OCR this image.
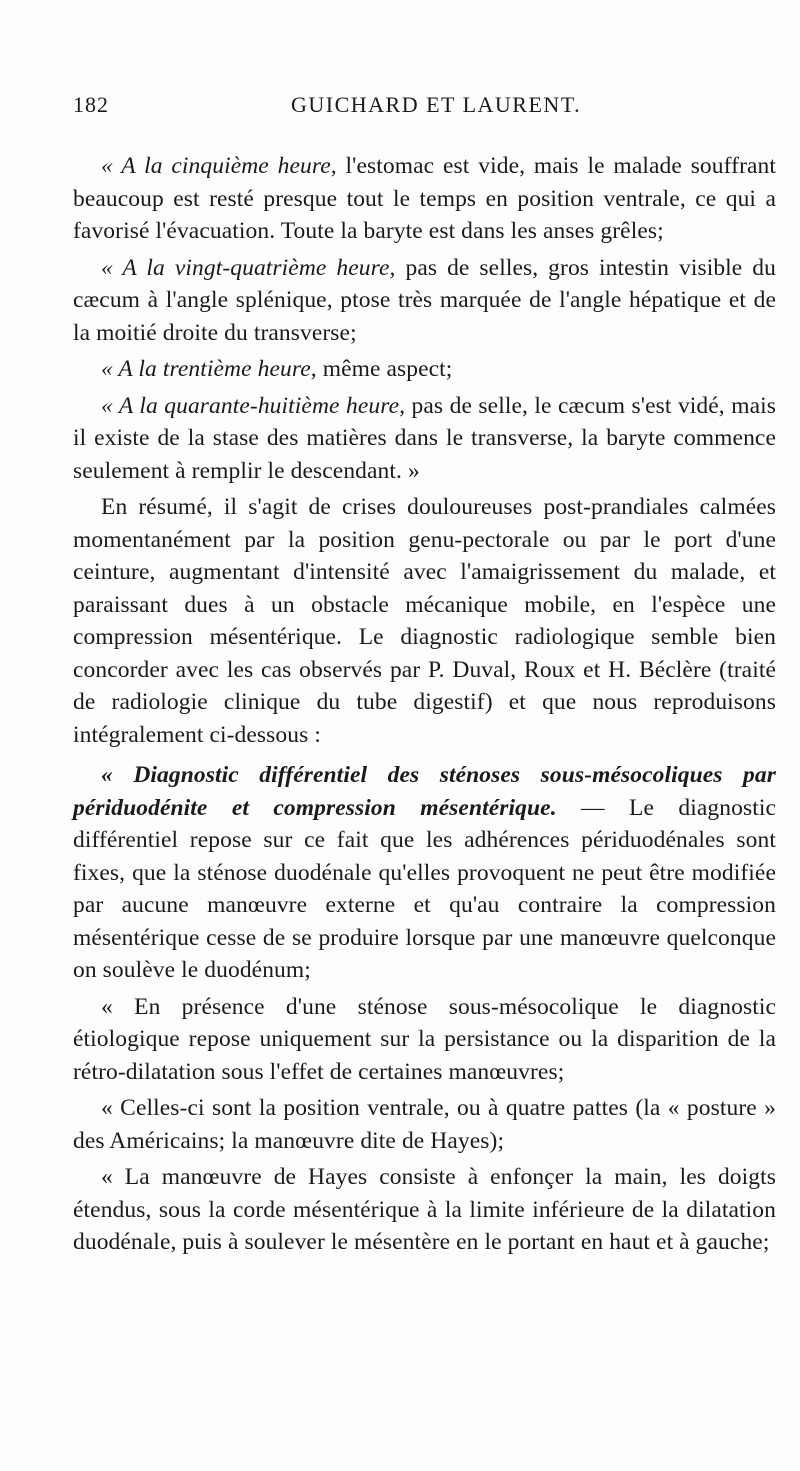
182	GUICHARD ET LAURENT.

« A la cinquième heure, l'estomac est vide, mais le malade souffrant beaucoup est resté presque tout le temps en position ventrale, ce qui a favorisé l'évacuation. Toute la baryte est dans les anses grêles;

« A la vingt-quatrième heure, pas de selles, gros intestin visible du cæcum à l'angle splénique, ptose très marquée de l'angle hépatique et de la moitié droite du transverse;

« A la trentième heure, même aspect;

« A la quarante-huitième heure, pas de selle, le cæcum s'est vidé, mais il existe de la stase des matières dans le transverse, la baryte commence seulement à remplir le descendant. »

En résumé, il s'agit de crises douloureuses post-prandiales calmées momentanément par la position genu-pectorale ou par le port d'une ceinture, augmentant d'intensité avec l'amaigrissement du malade, et paraissant dues à un obstacle mécanique mobile, en l'espèce une compression mésentérique. Le diagnostic radiologique semble bien concorder avec les cas observés par P. Duval, Roux et H. Béclère (traité de radiologie clinique du tube digestif) et que nous reproduisons intégralement ci-dessous :

« Diagnostic différentiel des sténoses sous-mésocoliques par périduodénite et compression mésentérique. — Le diagnostic différentiel repose sur ce fait que les adhérences périduodénales sont fixes, que la sténose duodénale qu'elles provoquent ne peut être modifiée par aucune manœuvre externe et qu'au contraire la compression mésentérique cesse de se produire lorsque par une manœuvre quelconque on soulève le duodénum;

« En présence d'une sténose sous-mésocolique le diagnostic étiologique repose uniquement sur la persistance ou la disparition de la rétro-dilatation sous l'effet de certaines manœuvres;

« Celles-ci sont la position ventrale, ou à quatre pattes (la « posture » des Américains; la manœuvre dite de Hayes);

« La manœuvre de Hayes consiste à enfonçer la main, les doigts étendus, sous la corde mésentérique à la limite inférieure de la dilatation duodénale, puis à soulever le mésentère en le portant en haut et à gauche;
